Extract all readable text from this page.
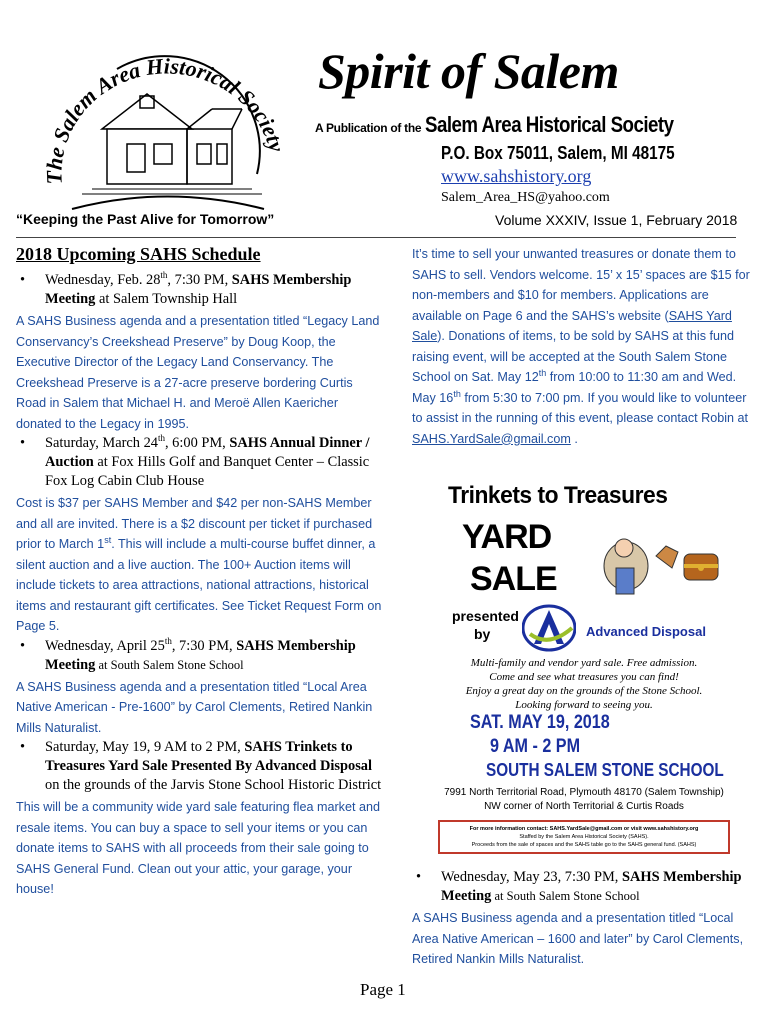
The Salem Area Historical Society
Spirit of Salem
A Publication of the Salem Area Historical Society
P.O. Box 75011, Salem, MI 48175
www.sahshistory.org
Salem_Area_HS@yahoo.com
“Keeping the Past Alive for Tomorrow”	Volume XXXIV, Issue 1, February 2018
2018 Upcoming SAHS Schedule
• Wednesday, Feb. 28th, 7:30 PM, SAHS Membership Meeting at Salem Township Hall

A SAHS Business agenda and a presentation titled “Legacy Land Conservancy’s Creekshead Preserve” by Doug Koop, the Executive Director of the Legacy Land Conservancy. The Creekshead Preserve is a 27-acre preserve bordering Curtis Road in Salem that Michael H. and Meroë Allen Kaericher donated to the Legacy in 1995.

• Saturday, March 24th, 6:00 PM, SAHS Annual Dinner / Auction at Fox Hills Golf and Banquet Center – Classic Fox Log Cabin Club House

Cost is $37 per SAHS Member and $42 per non-SAHS Member and all are invited. There is a $2 discount per ticket if purchased prior to March 1st. This will include a multi-course buffet dinner, a silent auction and a live auction. The 100+ Auction items will include tickets to area attractions, national attractions, historical items and restaurant gift certificates. See Ticket Request Form on Page 5.

• Wednesday, April 25th, 7:30 PM, SAHS Membership Meeting at South Salem Stone School

A SAHS Business agenda and a presentation titled “Local Area Native American - Pre-1600” by Carol Clements, Retired Nankin Mills Naturalist.

• Saturday, May 19, 9 AM to 2 PM, SAHS Trinkets to Treasures Yard Sale Presented By Advanced Disposal on the grounds of the Jarvis Stone School Historic District

This will be a community wide yard sale featuring flea market and resale items. You can buy a space to sell your items or you can donate items to SAHS with all proceeds from their sale going to SAHS General Fund. Clean out your attic, your garage, your house!

It’s time to sell your unwanted treasures or donate them to SAHS to sell. Vendors welcome. 15’ x 15’ spaces are $15 for non-members and $10 for members. Applications are available on Page 6 and the SAHS’s website (SAHS Yard Sale). Donations of items, to be sold by SAHS at this fund raising event, will be accepted at the South Salem Stone School on Sat. May 12th from 10:00 to 11:30 am and Wed. May 16th from 5:30 to 7:00 pm. If you would like to volunteer to assist in the running of this event, please contact Robin at SAHS.YardSale@gmail.com .

Trinkets to Treasures
YARD
SALE
presented
by	Advanced Disposal
Multi-family and vendor yard sale. Free admission.
Come and see what treasures you can find!
Enjoy a great day on the grounds of the Stone School.
Looking forward to seeing you.
SAT. MAY 19, 2018
9 AM - 2 PM
SOUTH SALEM STONE SCHOOL
7991 North Territorial Road, Plymouth 48170 (Salem Township)
NW corner of North Territorial & Curtis Roads
For more information contact: SAHS.YardSale@gmail.com or visit www.sahshistory.org
Staffed by the Salem Area Historical Society (SAHS).
Proceeds from the sale of spaces and the SAHS table go to the SAHS general fund. (SAHS)
• Wednesday, May 23, 7:30 PM, SAHS Membership Meeting at South Salem Stone School

A SAHS Business agenda and a presentation titled “Local Area Native American – 1600 and later” by Carol Clements, Retired Nankin Mills Naturalist.

Page 1
